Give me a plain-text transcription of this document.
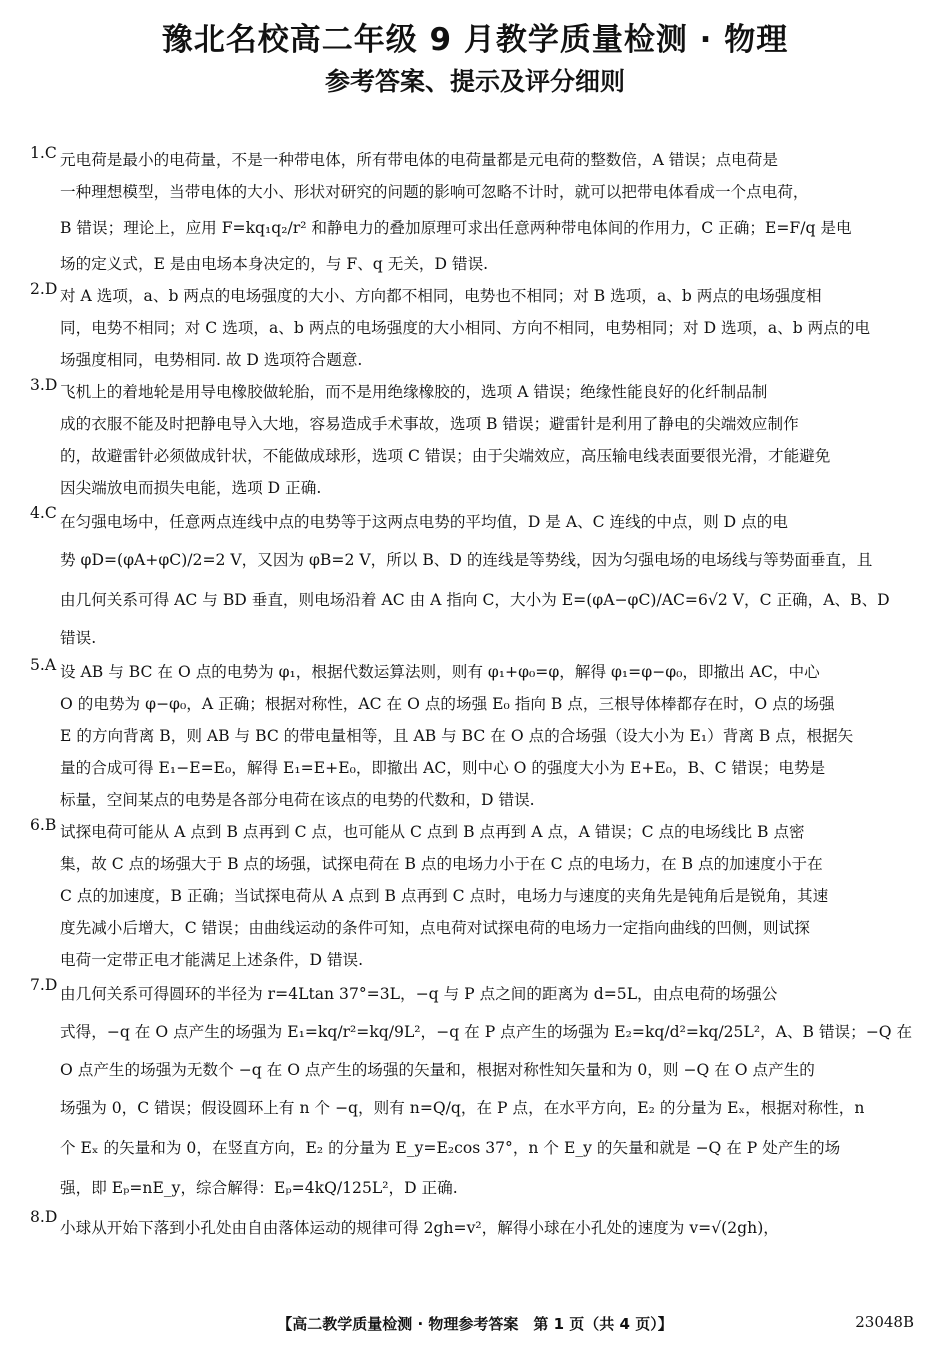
豫北名校高二年级 9 月教学质量检测 · 物理
参考答案、提示及评分细则
1.C 元电荷是最小的电荷量，不是一种带电体，所有带电体的电荷量都是元电荷的整数倍，A 错误；点电荷是
一种理想模型，当带电体的大小、形状对研究的问题的影响可忽略不计时，就可以把带电体看成一个点电荷，
B 错误；理论上，应用 F=kq₁q₂/r² 和静电力的叠加原理可求出任意两种带电体间的作用力，C 正确；E=F/q 是电
场的定义式，E 是由电场本身决定的，与 F、q 无关，D 错误.
2.D 对 A 选项，a、b 两点的电场强度的大小、方向都不相同，电势也不相同；对 B 选项，a、b 两点的电场强度相
同，电势不相同；对 C 选项，a、b 两点的电场强度的大小相同、方向不相同，电势相同；对 D 选项，a、b 两点的电
场强度相同，电势相同. 故 D 选项符合题意.
3.D 飞机上的着地轮是用导电橡胶做轮胎，而不是用绝缘橡胶的，选项 A 错误；绝缘性能良好的化纤制品制
成的衣服不能及时把静电导入大地，容易造成手术事故，选项 B 错误；避雷针是利用了静电的尖端效应制作
的，故避雷针必须做成针状，不能做成球形，选项 C 错误；由于尖端效应，高压输电线表面要很光滑，才能避免
因尖端放电而损失电能，选项 D 正确.
4.C 在匀强电场中，任意两点连线中点的电势等于这两点电势的平均值，D 是 A、C 连线的中点，则 D 点的电
势 φD=(φA+φC)/2=2 V，又因为 φB=2 V，所以 B、D 的连线是等势线，因为匀强电场的电场线与等势面垂直，且
由几何关系可得 AC 与 BD 垂直，则电场沿着 AC 由 A 指向 C，大小为 E=(φA−φC)/AC=6√2 V，C 正确，A、B、D
错误.
5.A 设 AB 与 BC 在 O 点的电势为 φ₁，根据代数运算法则，则有 φ₁+φ₀=φ，解得 φ₁=φ−φ₀，即撤出 AC，中心
O 的电势为 φ−φ₀，A 正确；根据对称性，AC 在 O 点的场强 E₀ 指向 B 点，三根导体棒都存在时，O 点的场强
E 的方向背离 B，则 AB 与 BC 的带电量相等，且 AB 与 BC 在 O 点的合场强（设大小为 E₁）背离 B 点，根据矢
量的合成可得 E₁−E=E₀，解得 E₁=E+E₀，即撤出 AC，则中心 O 的强度大小为 E+E₀，B、C 错误；电势是
标量，空间某点的电势是各部分电荷在该点的电势的代数和，D 错误.
6.B 试探电荷可能从 A 点到 B 点再到 C 点，也可能从 C 点到 B 点再到 A 点，A 错误；C 点的电场线比 B 点密
集，故 C 点的场强大于 B 点的场强，试探电荷在 B 点的电场力小于在 C 点的电场力，在 B 点的加速度小于在
C 点的加速度，B 正确；当试探电荷从 A 点到 B 点再到 C 点时，电场力与速度的夹角先是钝角后是锐角，其速
度先减小后增大，C 错误；由曲线运动的条件可知，点电荷对试探电荷的电场力一定指向曲线的凹侧，则试探
电荷一定带正电才能满足上述条件，D 错误.
7.D 由几何关系可得圆环的半径为 r=4Ltan 37°=3L，−q 与 P 点之间的距离为 d=5L，由点电荷的场强公
式得，−q 在 O 点产生的场强为 E₁=kq/r²=kq/9L²，−q 在 P 点产生的场强为 E₂=kq/d²=kq/25L²，A、B 错误；−Q 在
O 点产生的场强为无数个 −q 在 O 点产生的场强的矢量和，根据对称性知矢量和为 0，则 −Q 在 O 点产生的
场强为 0，C 错误；假设圆环上有 n 个 −q，则有 n=Q/q，在 P 点，在水平方向，E₂ 的分量为 Eₓ，根据对称性，n
个 Eₓ 的矢量和为 0，在竖直方向，E₂ 的分量为 E_y=E₂cos 37°，n 个 E_y 的矢量和就是 −Q 在 P 处产生的场
强，即 Eₚ=nE_y，综合解得：Eₚ=4kQ/125L²，D 正确.
8.D
小球从开始下落到小孔处由自由落体运动的规律可得 2gh=v²，解得小球在小孔处的速度为 v=√(2gh)，
【高二教学质量检测 · 物理参考答案　第 1 页（共 4 页）】	23048B
